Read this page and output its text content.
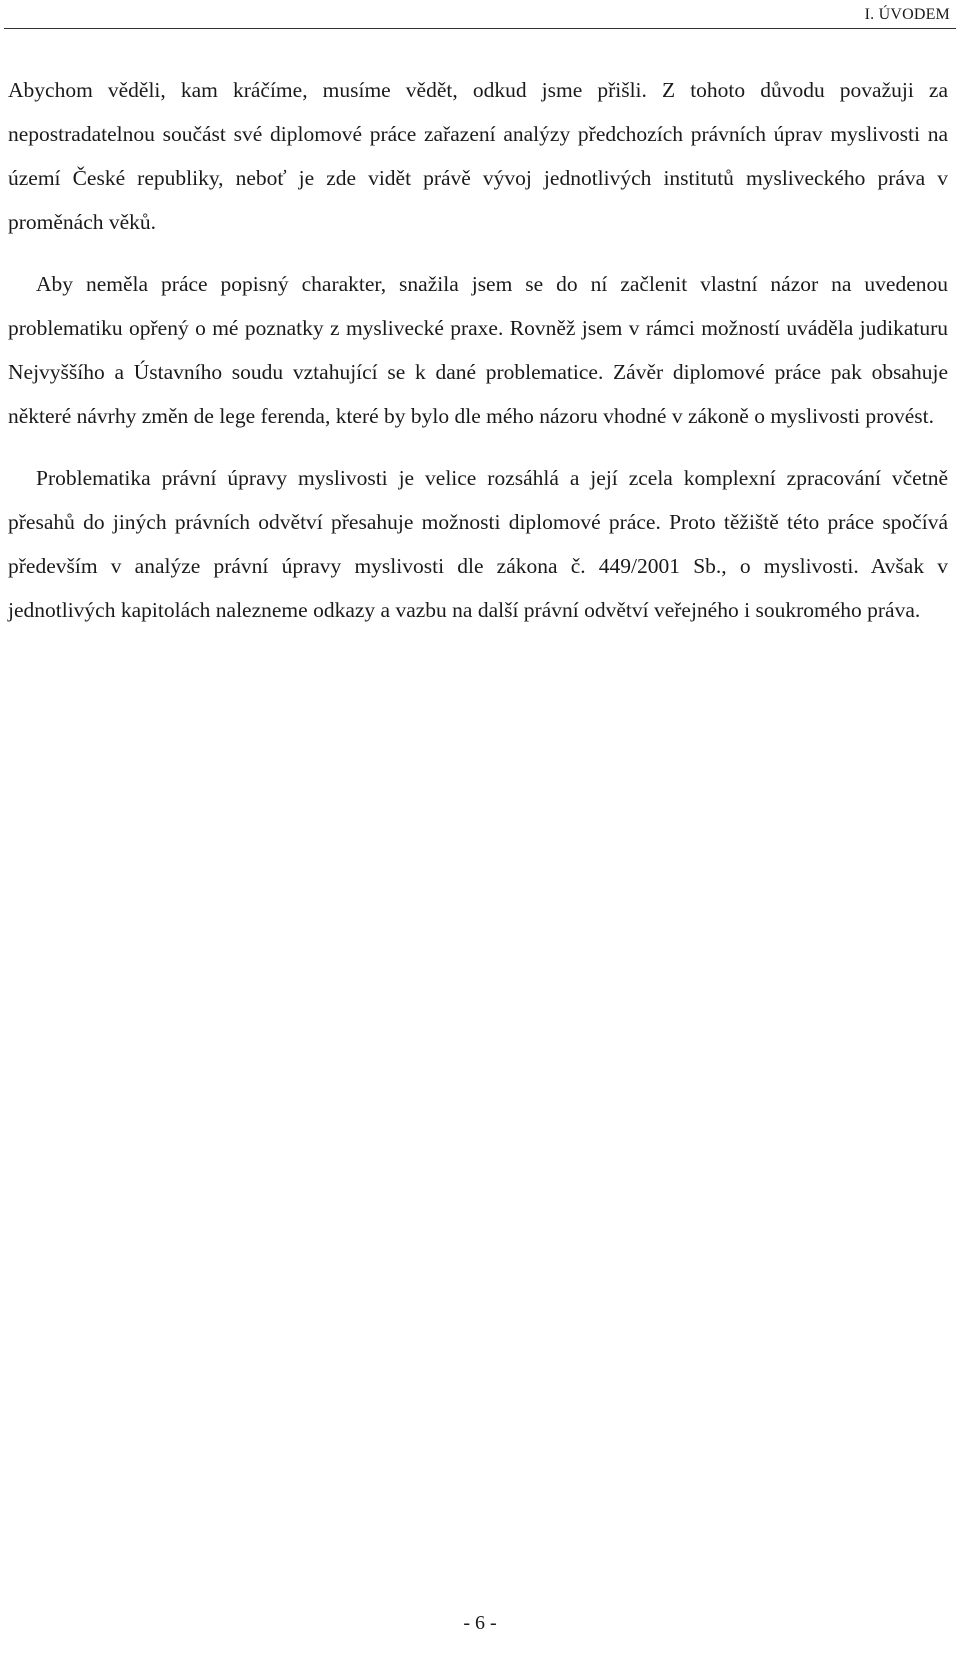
I. ÚVODEM

Abychom věděli, kam kráčíme, musíme vědět, odkud jsme přišli. Z tohoto důvodu považuji za nepostradatelnou součást své diplomové práce zařazení analýzy předchozích právních úprav myslivosti na území České republiky, neboť je zde vidět právě vývoj jednotlivých institutů mysliveckého práva v proměnách věků.

Aby neměla práce popisný charakter, snažila jsem se do ní začlenit vlastní názor na uvedenou problematiku opřený o mé poznatky z myslivecké praxe. Rovněž jsem v rámci možností uváděla judikaturu Nejvyššího a Ústavního soudu vztahující se k dané problematice. Závěr diplomové práce pak obsahuje některé návrhy změn de lege ferenda, které by bylo dle mého názoru vhodné v zákoně o myslivosti provést.

Problematika právní úpravy myslivosti je velice rozsáhlá a její zcela komplexní zpracování včetně přesahů do jiných právních odvětví přesahuje možnosti diplomové práce. Proto těžiště této práce spočívá především v analýze právní úpravy myslivosti dle zákona č. 449/2001 Sb., o myslivosti. Avšak v jednotlivých kapitolách nalezneme odkazy a vazbu na další právní odvětví veřejného i soukromého práva.

- 6 -
